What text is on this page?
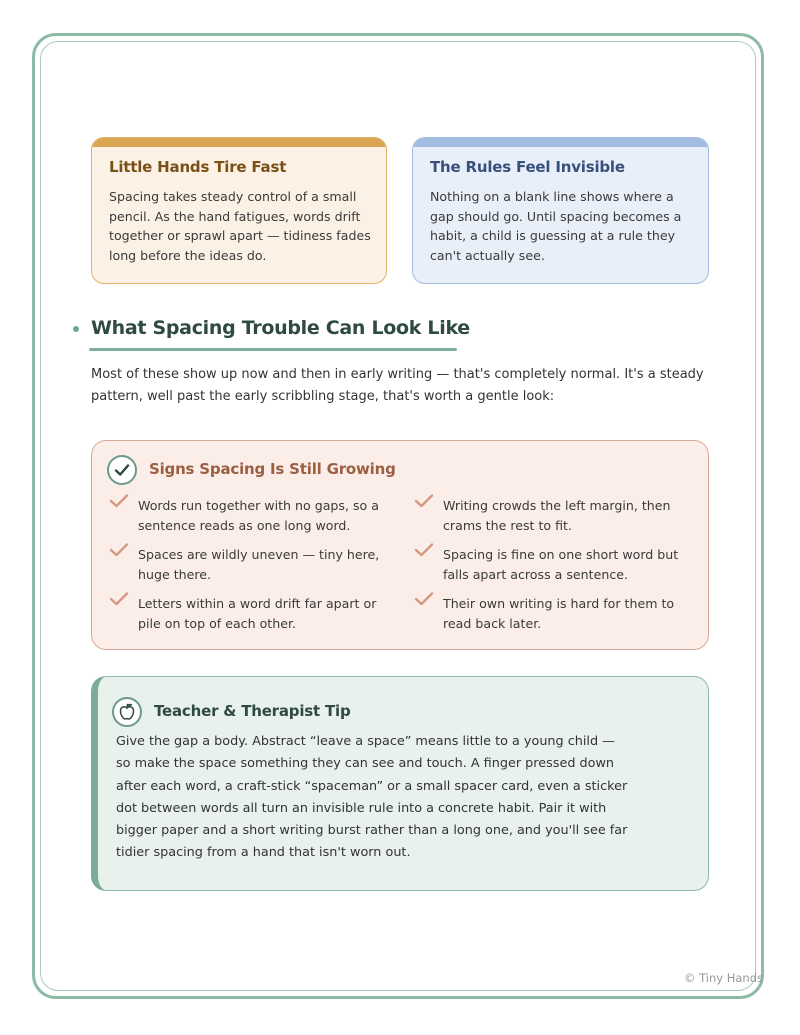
Little Hands Tire Fast

Spacing takes steady control of a small pencil. As the hand fatigues, words drift together or sprawl apart — tidiness fades long before the ideas do.

The Rules Feel Invisible

Nothing on a blank line shows where a gap should go. Until spacing becomes a habit, a child is guessing at a rule they can't actually see.

What Spacing Trouble Can Look Like

Most of these show up now and then in early writing — that's completely normal. It's a steady pattern, well past the early scribbling stage, that's worth a gentle look:

Signs Spacing Is Still Growing
Words run together with no gaps, so a sentence reads as one long word.
Writing crowds the left margin, then crams the rest to fit.
Spaces are wildly uneven — tiny here, huge there.
Spacing is fine on one short word but falls apart across a sentence.
Letters within a word drift far apart or pile on top of each other.
Their own writing is hard for them to read back later.
Teacher & Therapist Tip

Give the gap a body. Abstract “leave a space” means little to a young child — so make the space something they can see and touch. A finger pressed down after each word, a craft-stick “spaceman” or a small spacer card, even a sticker dot between words all turn an invisible rule into a concrete habit. Pair it with bigger paper and a short writing burst rather than a long one, and you'll see far tidier spacing from a hand that isn't worn out.

© Tiny Hands
